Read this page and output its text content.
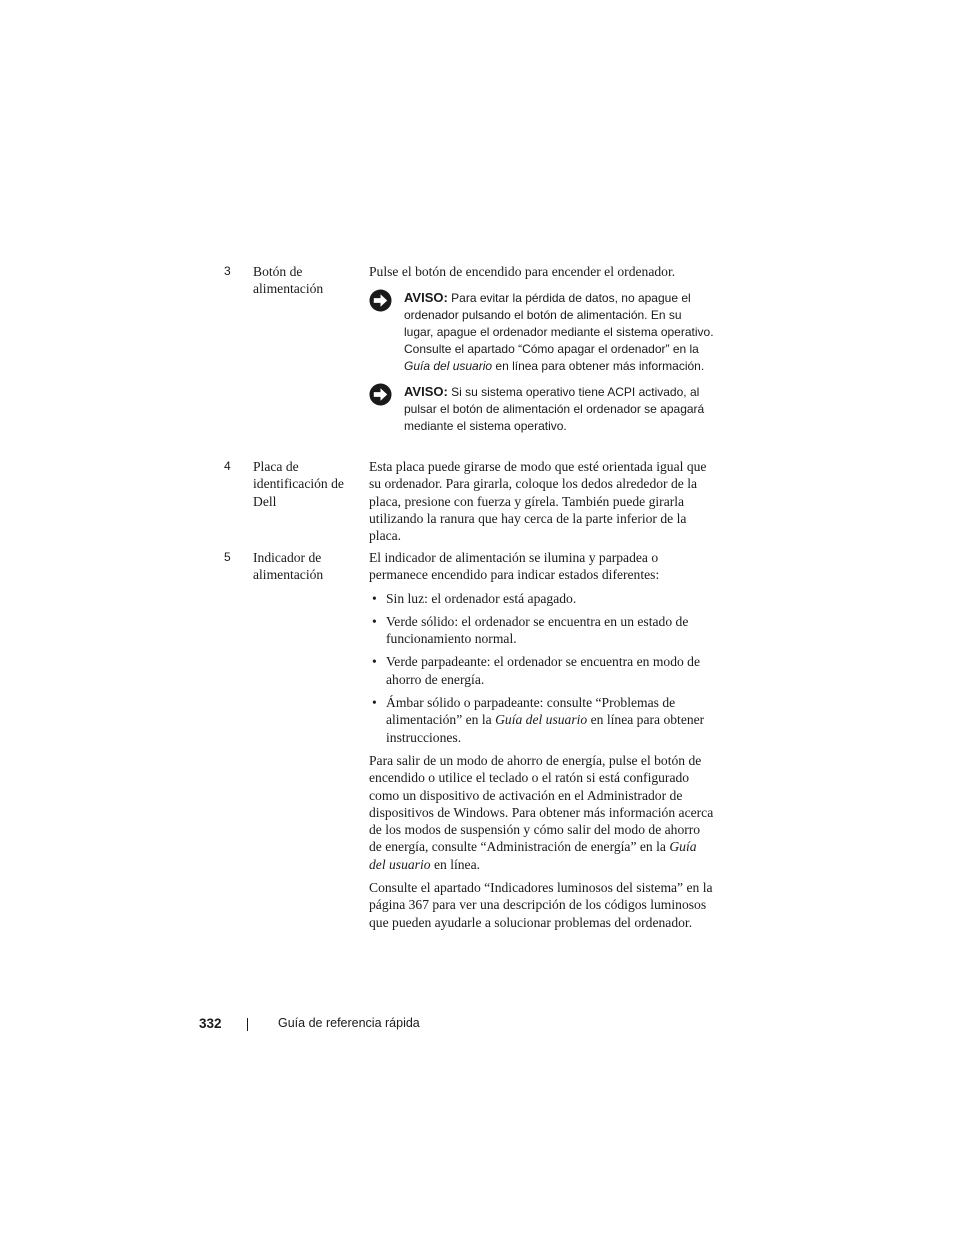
3 Botón de alimentación

Pulse el botón de encendido para encender el ordenador.

AVISO: Para evitar la pérdida de datos, no apague el ordenador pulsando el botón de alimentación. En su lugar, apague el ordenador mediante el sistema operativo. Consulte el apartado “Cómo apagar el ordenador” en la Guía del usuario en línea para obtener más información.
AVISO: Si su sistema operativo tiene ACPI activado, al pulsar el botón de alimentación el ordenador se apagará mediante el sistema operativo.
4 Placa de identificación de Dell

Esta placa puede girarse de modo que esté orientada igual que su ordenador. Para girarla, coloque los dedos alrededor de la placa, presione con fuerza y gírela. También puede girarla utilizando la ranura que hay cerca de la parte inferior de la placa.

5 Indicador de alimentación

El indicador de alimentación se ilumina y parpadea o permanece encendido para indicar estados diferentes:

• Sin luz: el ordenador está apagado.
• Verde sólido: el ordenador se encuentra en un estado de funcionamiento normal.
• Verde parpadeante: el ordenador se encuentra en modo de ahorro de energía.
• Ámbar sólido o parpadeante: consulte “Problemas de alimentación” en la Guía del usuario en línea para obtener instrucciones.

Para salir de un modo de ahorro de energía, pulse el botón de encendido o utilice el teclado o el ratón si está configurado como un dispositivo de activación en el Administrador de dispositivos de Windows. Para obtener más información acerca de los modos de suspensión y cómo salir del modo de ahorro de energía, consulte “Administración de energía” en la Guía del usuario en línea.

Consulte el apartado “Indicadores luminosos del sistema” en la página 367 para ver una descripción de los códigos luminosos que pueden ayudarle a solucionar problemas del ordenador.

332	Guía de referencia rápida
